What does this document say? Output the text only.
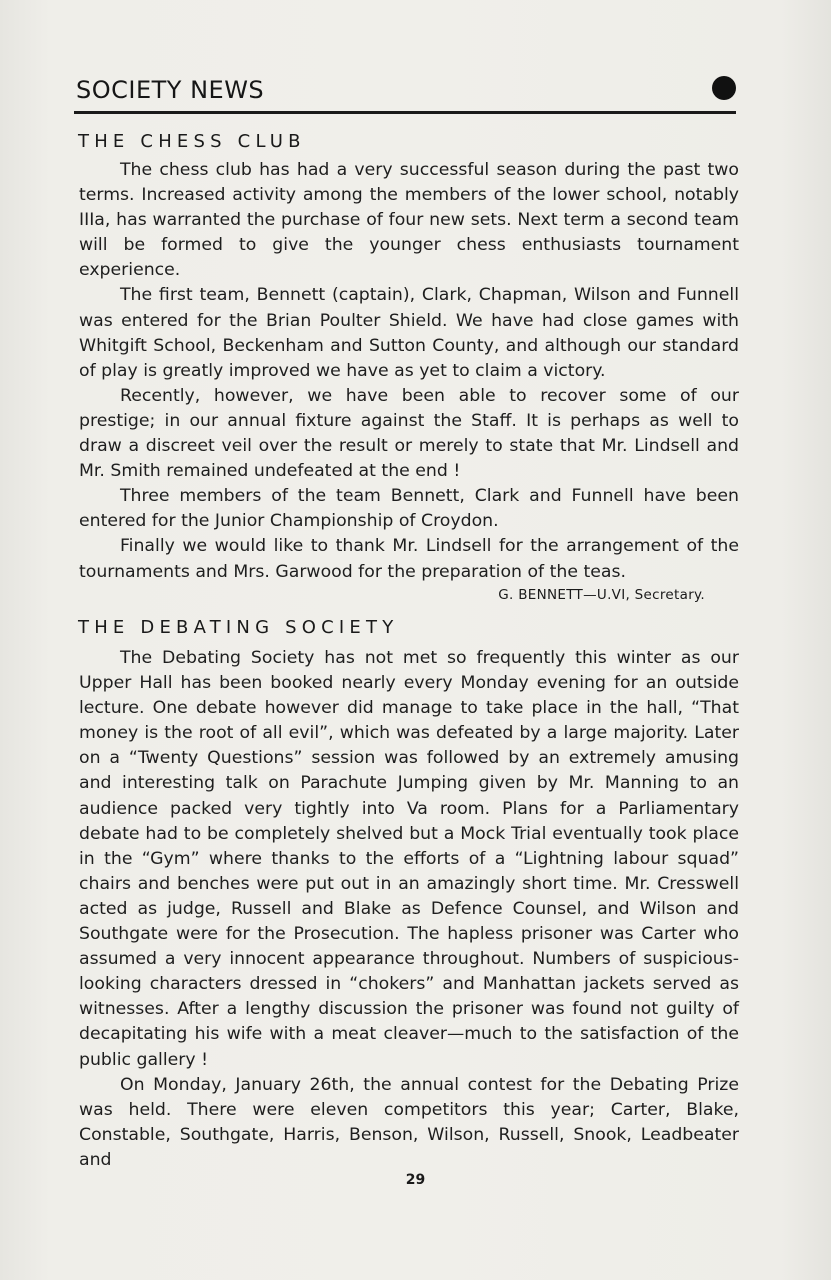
SOCIETY NEWS
THE CHESS CLUB

The chess club has had a very successful season during the past two terms. Increased activity among the members of the lower school, notably IIIa, has warranted the purchase of four new sets. Next term a second team will be formed to give the younger chess enthusiasts tournament experience.

The first team, Bennett (captain), Clark, Chapman, Wilson and Funnell was entered for the Brian Poulter Shield. We have had close games with Whitgift School, Beckenham and Sutton County, and although our standard of play is greatly improved we have as yet to claim a victory.

Recently, however, we have been able to recover some of our prestige; in our annual fixture against the Staff. It is perhaps as well to draw a discreet veil over the result or merely to state that Mr. Lindsell and Mr. Smith remained undefeated at the end !

Three members of the team Bennett, Clark and Funnell have been entered for the Junior Championship of Croydon.

Finally we would like to thank Mr. Lindsell for the arrangement of the tournaments and Mrs. Garwood for the preparation of the teas.

G. BENNETT—U.VI, Secretary.
THE DEBATING SOCIETY

The Debating Society has not met so frequently this winter as our Upper Hall has been booked nearly every Monday evening for an outside lecture. One debate however did manage to take place in the hall, “That money is the root of all evil”, which was defeated by a large majority. Later on a “Twenty Questions” session was followed by an extremely amusing and interesting talk on Parachute Jumping given by Mr. Manning to an audience packed very tightly into Va room. Plans for a Parliamentary debate had to be completely shelved but a Mock Trial eventually took place in the “Gym” where thanks to the efforts of a “Lightning labour squad” chairs and benches were put out in an amazingly short time. Mr. Cresswell acted as judge, Russell and Blake as Defence Counsel, and Wilson and Southgate were for the Prosecution. The hapless prisoner was Carter who assumed a very innocent appearance throughout. Numbers of suspicious-looking characters dressed in “chokers” and Manhattan jackets served as witnesses. After a lengthy discussion the prisoner was found not guilty of decapitating his wife with a meat cleaver—much to the satisfaction of the public gallery !

On Monday, January 26th, the annual contest for the Debating Prize was held. There were eleven competitors this year; Carter, Blake, Constable, Southgate, Harris, Benson, Wilson, Russell, Snook, Leadbeater and

29
